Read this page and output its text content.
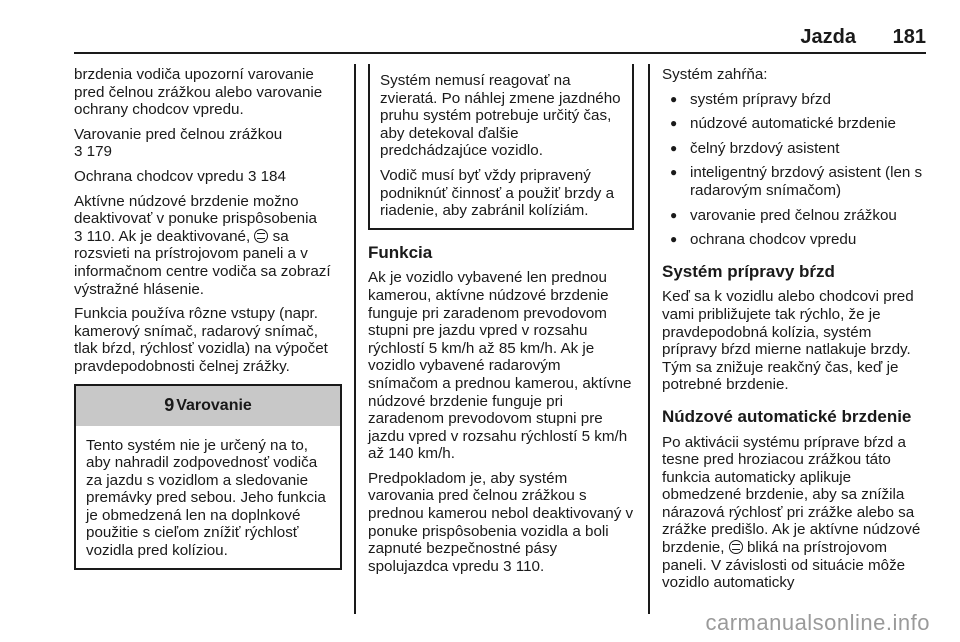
Jazda 181

brzdenia vodiča upozorní varovanie pred čelnou zrážkou alebo varovanie ochrany chodcov vpredu.

Varovanie pred čelnou zrážkou
3 179

Ochrana chodcov vpredu 3 184

Aktívne núdzové brzdenie možno deaktivovať v ponuke prispôsobenia
3 110. Ak je deaktivované,  sa rozsvieti na prístrojovom paneli a v informačnom centre vodiča sa zobrazí výstražné hlásenie.

Funkcia používa rôzne vstupy (napr. kamerový snímač, radarový snímač, tlak bŕzd, rýchlosť vozidla) na výpočet pravdepodobnosti čelnej zrážky.

9 Varovanie
Tento systém nie je určený na to, aby nahradil zodpovednosť vodiča za jazdu s vozidlom a sledovanie premávky pred sebou. Jeho funkcia je obmedzená len na doplnkové použitie s cieľom znížiť rýchlosť vozidla pred kolíziou.

Systém nemusí reagovať na zvieratá. Po náhlej zmene jazdného pruhu systém potrebuje určitý čas, aby detekoval ďalšie predchádzajúce vozidlo.

Vodič musí byť vždy pripravený podniknúť činnosť a použiť brzdy a riadenie, aby zabránil kolíziám.

Funkcia

Ak je vozidlo vybavené len prednou kamerou, aktívne núdzové brzdenie funguje pri zaradenom prevodovom stupni pre jazdu vpred v rozsahu rýchlostí 5 km/h až 85 km/h. Ak je vozidlo vybavené radarovým snímačom a prednou kamerou, aktívne núdzové brzdenie funguje pri zaradenom prevodovom stupni pre jazdu vpred v rozsahu rýchlostí 5 km/h až 140 km/h.

Predpokladom je, aby systém varovania pred čelnou zrážkou s prednou kamerou nebol deaktivovaný v ponuke prispôsobenia vozidla a boli zapnuté bezpečnostné pásy spolujazdca vpredu 3 110.

Systém zahŕňa:

● systém prípravy bŕzd
● núdzové automatické brzdenie
● čelný brzdový asistent
● inteligentný brzdový asistent (len s radarovým snímačom)
● varovanie pred čelnou zrážkou
● ochrana chodcov vpredu
Systém prípravy bŕzd

Keď sa k vozidlu alebo chodcovi pred vami približujete tak rýchlo, že je pravdepodobná kolízia, systém prípravy bŕzd mierne natlakuje brzdy. Tým sa znižuje reakčný čas, keď je potrebné brzdenie.

Núdzové automatické brzdenie

Po aktivácii systému príprave bŕzd a tesne pred hroziacou zrážkou táto funkcia automaticky aplikuje obmedzené brzdenie, aby sa znížila nárazová rýchlosť pri zrážke alebo sa zrážke predišlo. Ak je aktívne núdzové brzdenie,  bliká na prístrojovom paneli. V závislosti od situácie môže vozidlo automaticky

carmanualsonline.info
